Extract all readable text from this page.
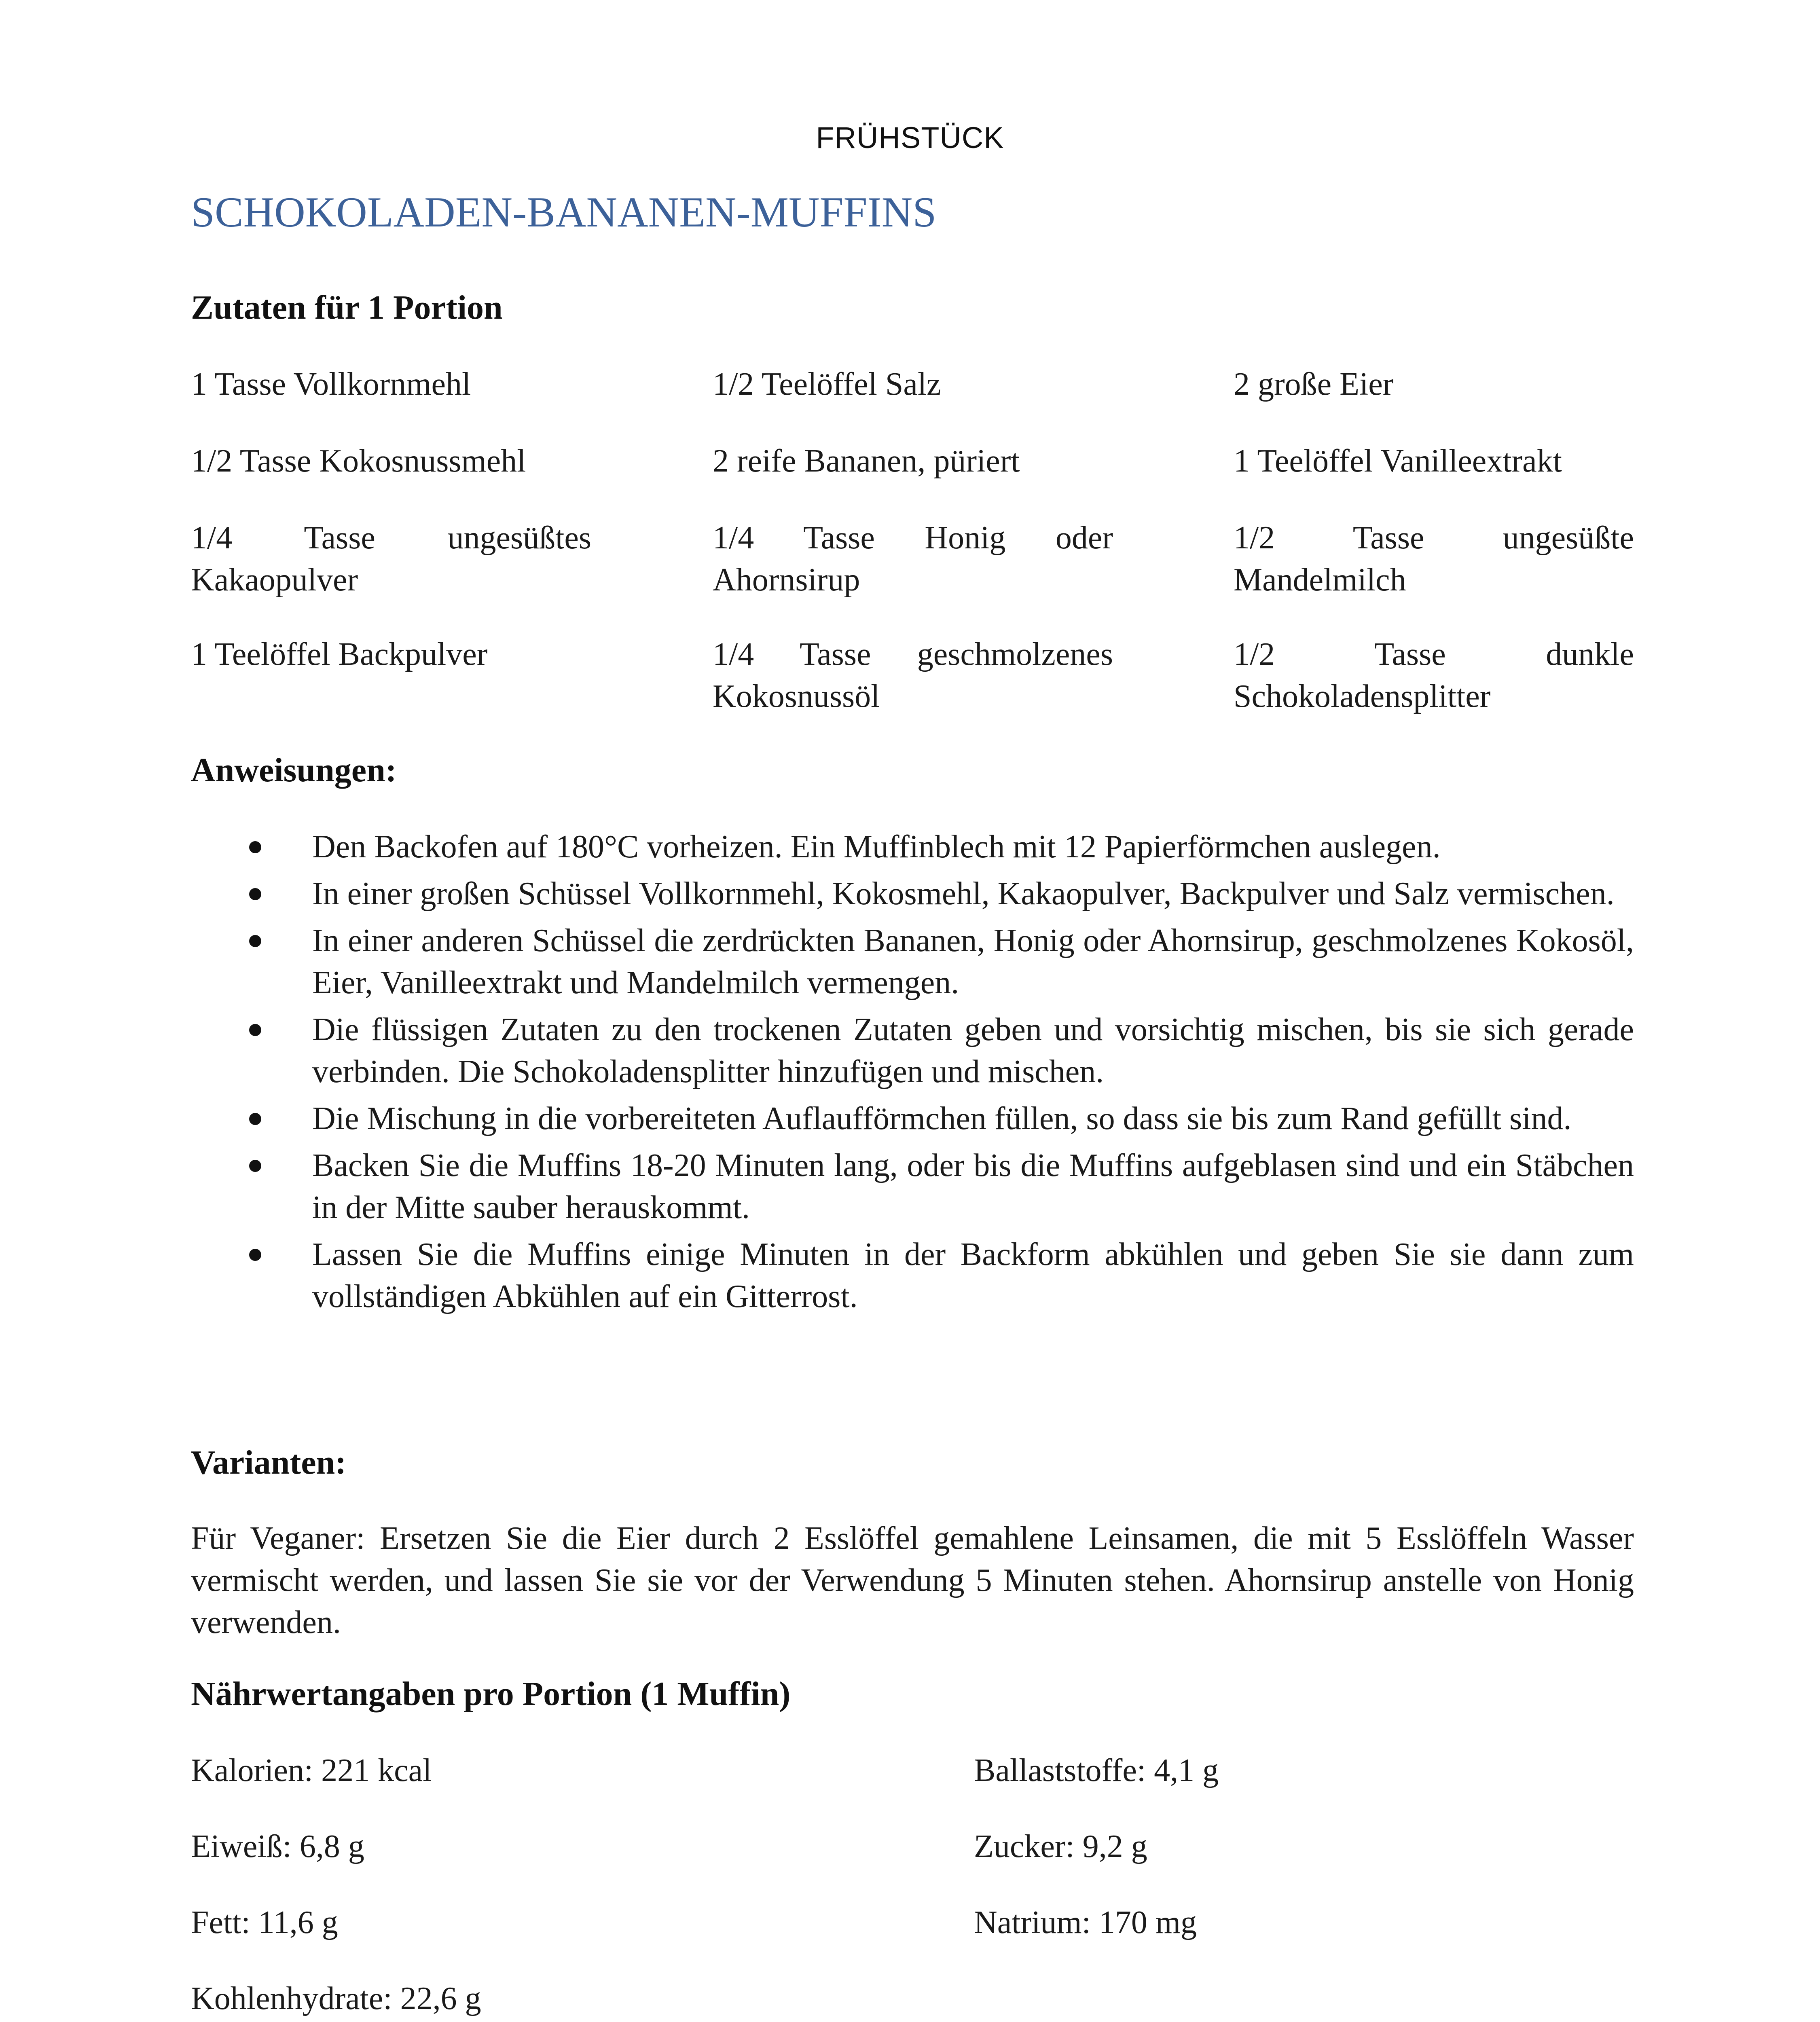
FRÜHSTÜCK
SCHOKOLADEN-BANANEN-MUFFINS
Zutaten für 1 Portion
1 Tasse Vollkornmehl
1/2 Tasse Kokosnussmehl
1/4 Tasse ungesüßtes
Kakaopulver
1 Teelöffel Backpulver
1/2 Teelöffel Salz
2 reife Bananen, püriert
1/4 Tasse Honig oder
Ahornsirup
1/4 Tasse geschmolzenes
Kokosnussöl
2 große Eier
1 Teelöffel Vanilleextrakt
1/2 Tasse ungesüßte
Mandelmilch
1/2 Tasse dunkle
Schokoladensplitter
Anweisungen:
Den Backofen auf 180°C vorheizen. Ein Muffinblech mit 12 Papierförmchen auslegen.
In einer großen Schüssel Vollkornmehl, Kokosmehl, Kakaopulver, Backpulver und Salz vermischen.
In einer anderen Schüssel die zerdrückten Bananen, Honig oder Ahornsirup, geschmolzenes Kokosöl, Eier, Vanilleextrakt und Mandelmilch vermengen.
Die flüssigen Zutaten zu den trockenen Zutaten geben und vorsichtig mischen, bis sie sich gerade verbinden. Die Schokoladensplitter hinzufügen und mischen.
Die Mischung in die vorbereiteten Auflaufförmchen füllen, so dass sie bis zum Rand gefüllt sind.
Backen Sie die Muffins 18-20 Minuten lang, oder bis die Muffins aufgeblasen sind und ein Stäbchen in der Mitte sauber herauskommt.
Lassen Sie die Muffins einige Minuten in der Backform abkühlen und geben Sie sie dann zum vollständigen Abkühlen auf ein Gitterrost.
Varianten:
Für Veganer: Ersetzen Sie die Eier durch 2 Esslöffel gemahlene Leinsamen, die mit 5 Esslöffeln Wasser vermischt werden, und lassen Sie sie vor der Verwendung 5 Minuten stehen. Ahornsirup anstelle von Honig verwenden.
Nährwertangaben pro Portion (1 Muffin)
Kalorien: 221 kcal
Eiweiß: 6,8 g
Fett: 11,6 g
Kohlenhydrate: 22,6 g
Ballaststoffe: 4,1 g
Zucker: 9,2 g
Natrium: 170 mg
